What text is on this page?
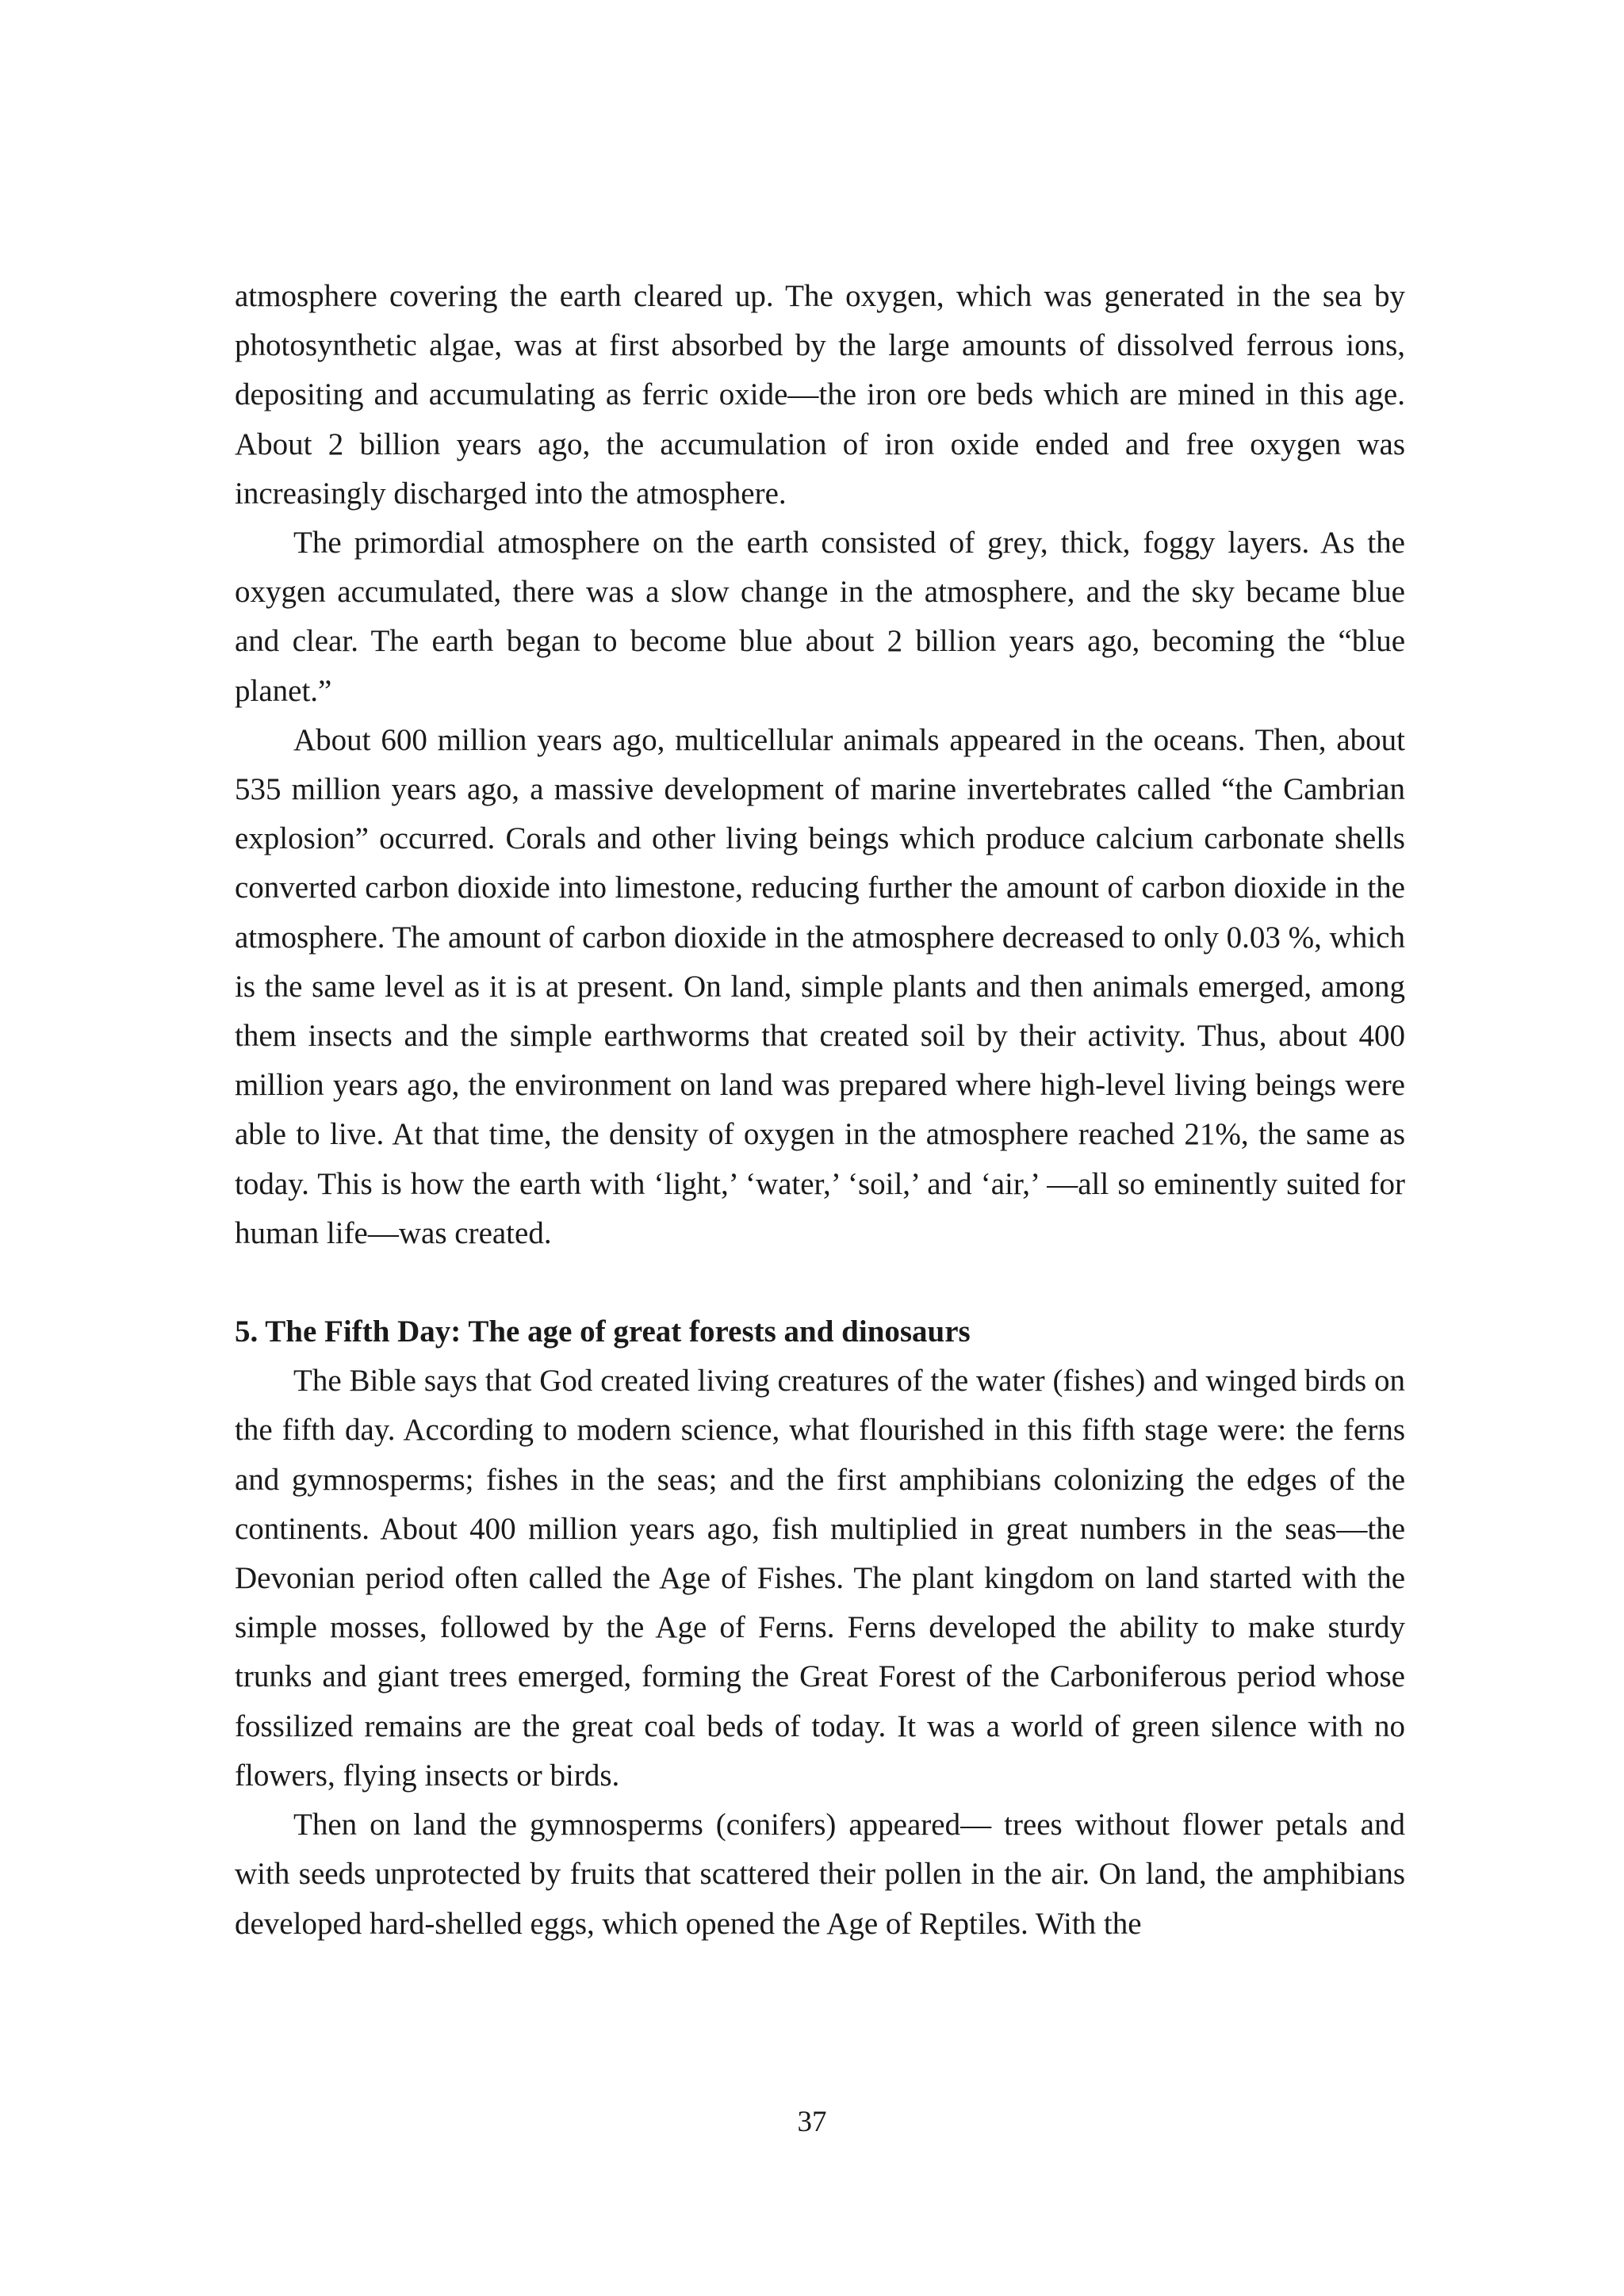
atmosphere covering the earth cleared up. The oxygen, which was generated in the sea by photosynthetic algae, was at first absorbed by the large amounts of dissolved ferrous ions, depositing and accumulating as ferric oxide—the iron ore beds which are mined in this age. About 2 billion years ago, the accumulation of iron oxide ended and free oxygen was increasingly discharged into the atmosphere.

The primordial atmosphere on the earth consisted of grey, thick, foggy layers. As the oxygen accumulated, there was a slow change in the atmosphere, and the sky became blue and clear. The earth began to become blue about 2 billion years ago, becoming the “blue planet.”

About 600 million years ago, multicellular animals appeared in the oceans. Then, about 535 million years ago, a massive development of marine invertebrates called “the Cambrian explosion” occurred. Corals and other living beings which produce calcium carbonate shells converted carbon dioxide into limestone, reducing further the amount of carbon dioxide in the atmosphere. The amount of carbon dioxide in the atmosphere decreased to only 0.03 %, which is the same level as it is at present. On land, simple plants and then animals emerged, among them insects and the simple earthworms that created soil by their activity. Thus, about 400 million years ago, the environment on land was prepared where high-level living beings were able to live. At that time, the density of oxygen in the atmosphere reached 21%, the same as today. This is how the earth with ‘light,’ ‘water,’ ‘soil,’ and ‘air,’ —all so eminently suited for human life—was created.

5. The Fifth Day: The age of great forests and dinosaurs

The Bible says that God created living creatures of the water (fishes) and winged birds on the fifth day. According to modern science, what flourished in this fifth stage were: the ferns and gymnosperms; fishes in the seas; and the first amphibians colonizing the edges of the continents. About 400 million years ago, fish multiplied in great numbers in the seas—the Devonian period often called the Age of Fishes. The plant kingdom on land started with the simple mosses, followed by the Age of Ferns. Ferns developed the ability to make sturdy trunks and giant trees emerged, forming the Great Forest of the Carboniferous period whose fossilized remains are the great coal beds of today. It was a world of green silence with no flowers, flying insects or birds.

Then on land the gymnosperms (conifers) appeared— trees without flower petals and with seeds unprotected by fruits that scattered their pollen in the air. On land, the amphibians developed hard-shelled eggs, which opened the Age of Reptiles. With the

37
